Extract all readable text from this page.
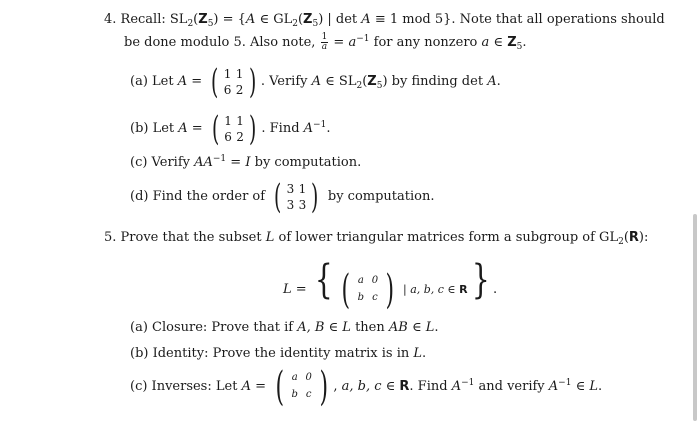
4. Recall: $SL_2(Z_5) = \{A$ ∈ $GL_2(Z_5)$ | det A ≡ 1 mod 5}. Note that all operations should
be done modulo 5. Also note, $\frac{1}{a} = a^{-1}$ for any nonzero a ∈ $Z_5$.
(a) Let A = ( 1 1
6 2 ) . Verify A ∈ $SL_2(Z_5)$ by finding det A.
(b) Let A = ( 1 1
6 2 ) . Find $A^{-1}$.
(c) Verify $AA^{-1} = I$ by computation.
(d) Find the order of ( 3 1
3 3 ) by computation.
5. Prove that the subset L of lower triangular matrices form a subgroup of $GL_2(R)$:
L = { ( a 0
b c ) | a, b, c ∈ R} .
(a) Closure: Prove that if A, B ∈ L then AB ∈ L.
(b) Identity: Prove the identity matrix is in L.
(c) Inverses: Let A = ( a 0
b c ) , a, b, c ∈ R. Find $A^{-1}$ and verify $A^{-1}$ ∈ L.
